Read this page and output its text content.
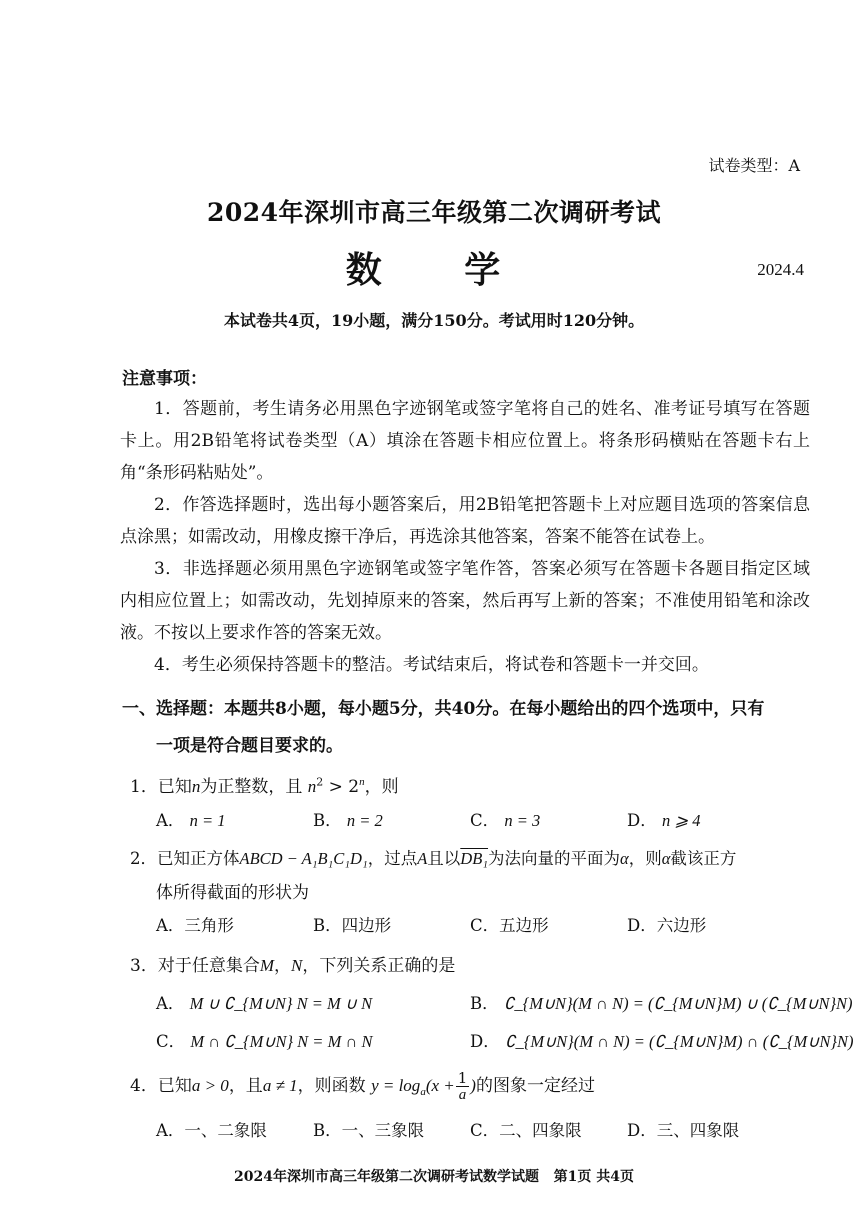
试卷类型：A
2024年深圳市高三年级第二次调研考试
数 学	2024.4
本试卷共4页，19小题，满分150分。考试用时120分钟。
注意事项：
1．答题前，考生请务必用黑色字迹钢笔或签字笔将自己的姓名、准考证号填写在答题卡上。用2B铅笔将试卷类型（A）填涂在答题卡相应位置上。将条形码横贴在答题卡右上角“条形码粘贴处”。
2．作答选择题时，选出每小题答案后，用2B铅笔把答题卡上对应题目选项的答案信息点涂黑；如需改动，用橡皮擦干净后，再选涂其他答案，答案不能答在试卷上。
3．非选择题必须用黑色字迹钢笔或签字笔作答，答案必须写在答题卡各题目指定区域内相应位置上；如需改动，先划掉原来的答案，然后再写上新的答案；不准使用铅笔和涂改液。不按以上要求作答的答案无效。
4．考生必须保持答题卡的整洁。考试结束后，将试卷和答题卡一并交回。
一、选择题：本题共8小题，每小题5分，共40分。在每小题给出的四个选项中，只有
一项是符合题目要求的。
1．已知n为正整数，且 $n^2 > 2^n$，则
A． n = 1	B． n = 2	C． n = 3	D． n ⩾ 4
2．已知正方体ABCD − A₁B₁C₁D₁，过点A且以DB₁为法向量的平面为α，则α截该正方
体所得截面的形状为
A．三角形	B．四边形	C．五边形	D．六边形
3．对于任意集合M，N，下列关系正确的是
A． M ∪ ∁_{M∪N} N = M ∪ N	B． ∁_{M∪N}(M ∩ N) = (∁_{M∪N}M) ∪ (∁_{M∪N}N)
C． M ∩ ∁_{M∪N} N = M ∩ N	D． ∁_{M∪N}(M ∩ N) = (∁_{M∪N}M) ∩ (∁_{M∪N}N)
4．已知a > 0，且a ≠ 1，则函数 $y = \log_a(x + \frac{1}{a}$ )的图象一定经过
A．一、二象限	B．一、三象限	C．二、四象限	D．三、四象限
2024年深圳市高三年级第二次调研考试数学试题 第1页 共4页
